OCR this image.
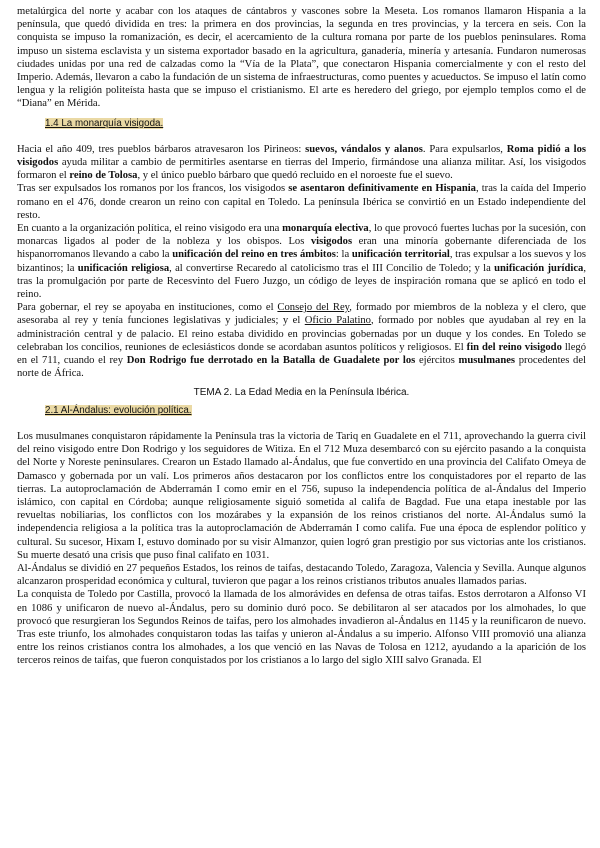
metalúrgica del norte y acabar con los ataques de cántabros y vascones sobre la Meseta. Los romanos llamaron Hispania a la península, que quedó dividida en tres: la primera en dos provincias, la segunda en tres provincias, y la tercera en seis. Con la conquista se impuso la romanización, es decir, el acercamiento de la cultura romana por parte de los pueblos peninsulares. Roma impuso un sistema esclavista y un sistema exportador basado en la agricultura, ganadería, minería y artesanía. Fundaron numerosas ciudades unidas por una red de calzadas como la “Vía de la Plata”, que conectaron Hispania comercialmente y con el resto del Imperio. Además, llevaron a cabo la fundación de un sistema de infraestructuras, como puentes y acueductos. Se impuso el latín como lengua y la religión politeísta hasta que se impuso el cristianismo. El arte es heredero del griego, por ejemplo templos como el de “Diana” en Mérida.

1.4 La monarquía visigoda.

Hacia el año 409, tres pueblos bárbaros atravesaron los Pirineos: suevos, vándalos y alanos. Para expulsarlos, Roma pidió a los visigodos ayuda militar a cambio de permitirles asentarse en tierras del Imperio, firmándose una alianza militar. Así, los visigodos formaron el reino de Tolosa, y el único pueblo bárbaro que quedó recluido en el noroeste fue el suevo.

Tras ser expulsados los romanos por los francos, los visigodos se asentaron definitivamente en Hispania, tras la caída del Imperio romano en el 476, donde crearon un reino con capital en Toledo. La península Ibérica se convirtió en un Estado independiente del resto.

En cuanto a la organización política, el reino visigodo era una monarquía electiva, lo que provocó fuertes luchas por la sucesión, con monarcas ligados al poder de la nobleza y los obispos. Los visigodos eran una minoría gobernante diferenciada de los hispanorromanos llevando a cabo la unificación del reino en tres ámbitos: la unificación territorial, tras expulsar a los suevos y los bizantinos; la unificación religiosa, al convertirse Recaredo al catolicismo tras el III Concilio de Toledo; y la unificación jurídica, tras la promulgación por parte de Recesvinto del Fuero Juzgo, un código de leyes de inspiración romana que se aplicó en todo el reino.

Para gobernar, el rey se apoyaba en instituciones, como el Consejo del Rey, formado por miembros de la nobleza y el clero, que asesoraba al rey y tenía funciones legislativas y judiciales; y el Oficio Palatino, formado por nobles que ayudaban al rey en la administración central y de palacio. El reino estaba dividido en provincias gobernadas por un duque y los condes. En Toledo se celebraban los concilios, reuniones de eclesiásticos donde se acordaban asuntos políticos y religiosos. El fin del reino visigodo llegó en el 711, cuando el rey Don Rodrigo fue derrotado en la Batalla de Guadalete por los ejércitos musulmanes procedentes del norte de África.

TEMA 2. La Edad Media en la Península Ibérica.
2.1 Al-Ándalus: evolución política.

Los musulmanes conquistaron rápidamente la Península tras la victoria de Tariq en Guadalete en el 711, aprovechando la guerra civil del reino visigodo entre Don Rodrigo y los seguidores de Witiza. En el 712 Muza desembarcó con su ejército pasando a la conquista del Norte y Noreste peninsulares. Crearon un Estado llamado al-Ándalus, que fue convertido en una provincia del Califato Omeya de Damasco y gobernada por un valí. Los primeros años destacaron por los conflictos entre los conquistadores por el reparto de las tierras. La autoproclamación de Abderramán I como emir en el 756, supuso la independencia política de al-Ándalus del Imperio islámico, con capital en Córdoba; aunque religiosamente siguió sometida al califa de Bagdad. Fue una etapa inestable por las revueltas nobiliarias, los conflictos con los mozárabes y la expansión de los reinos cristianos del norte. Al-Ándalus sumó la independencia religiosa a la política tras la autoproclamación de Abderramán I como califa. Fue una época de esplendor político y cultural. Su sucesor, Hixam I, estuvo dominado por su visir Almanzor, quien logró gran prestigio por sus victorias ante los cristianos. Su muerte desató una crisis que puso final califato en 1031.

Al-Ándalus se dividió en 27 pequeños Estados, los reinos de taifas, destacando Toledo, Zaragoza, Valencia y Sevilla. Aunque algunos alcanzaron prosperidad económica y cultural, tuvieron que pagar a los reinos cristianos tributos anuales llamados parias.

La conquista de Toledo por Castilla, provocó la llamada de los almorávides en defensa de otras taifas. Estos derrotaron a Alfonso VI en 1086 y unificaron de nuevo al-Ándalus, pero su dominio duró poco. Se debilitaron al ser atacados por los almohades, lo que provocó que resurgieran los Segundos Reinos de taifas, pero los almohades invadieron al-Ándalus en 1145 y la reunificaron de nuevo. Tras este triunfo, los almohades conquistaron todas las taifas y unieron al-Ándalus a su imperio. Alfonso VIII promovió una alianza entre los reinos cristianos contra los almohades, a los que venció en las Navas de Tolosa en 1212, ayudando a la aparición de los terceros reinos de taifas, que fueron conquistados por los cristianos a lo largo del siglo XIII salvo Granada. El
